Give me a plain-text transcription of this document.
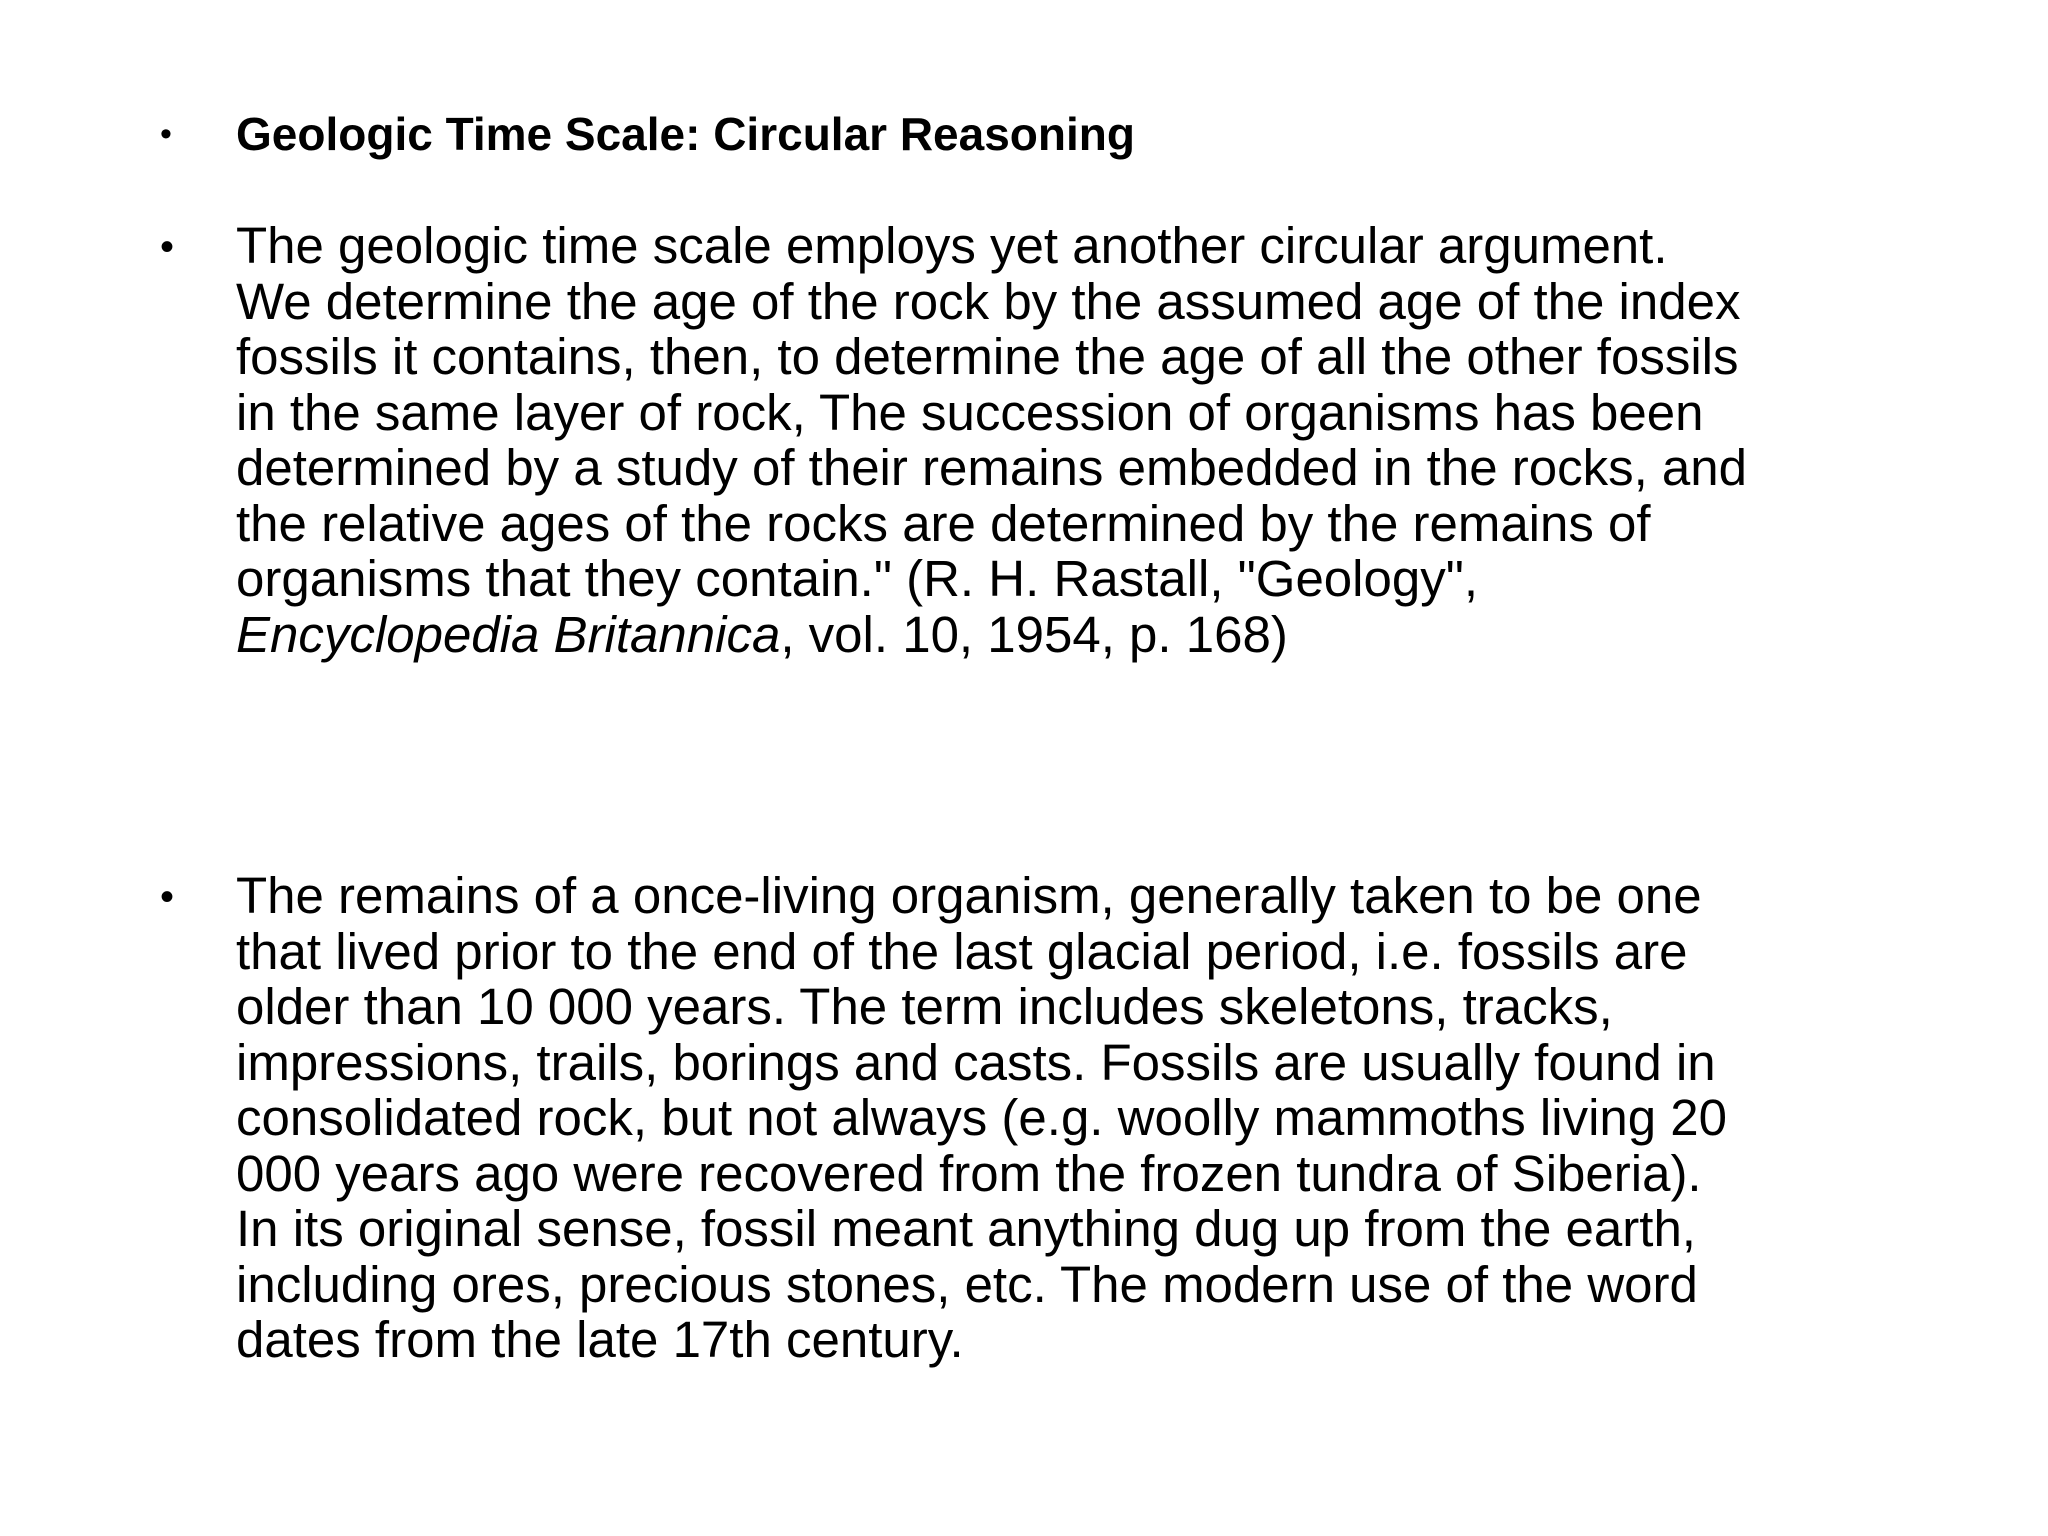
• Geologic Time Scale: Circular Reasoning
• The geologic time scale employs yet another circular argument.
We determine the age of the rock by the assumed age of the index
fossils it contains, then, to determine the age of all the other fossils
in the same layer of rock, The succession of organisms has been
determined by a study of their remains embedded in the rocks, and
the relative ages of the rocks are determined by the remains of
organisms that they contain." (R. H. Rastall, "Geology",
Encyclopedia Britannica, vol. 10, 1954, p. 168)
• The remains of a once-living organism, generally taken to be one
that lived prior to the end of the last glacial period, i.e. fossils are
older than 10 000 years. The term includes skeletons, tracks,
impressions, trails, borings and casts. Fossils are usually found in
consolidated rock, but not always (e.g. woolly mammoths living 20
000 years ago were recovered from the frozen tundra of Siberia).
In its original sense, fossil meant anything dug up from the earth,
including ores, precious stones, etc. The modern use of the word
dates from the late 17th century.
